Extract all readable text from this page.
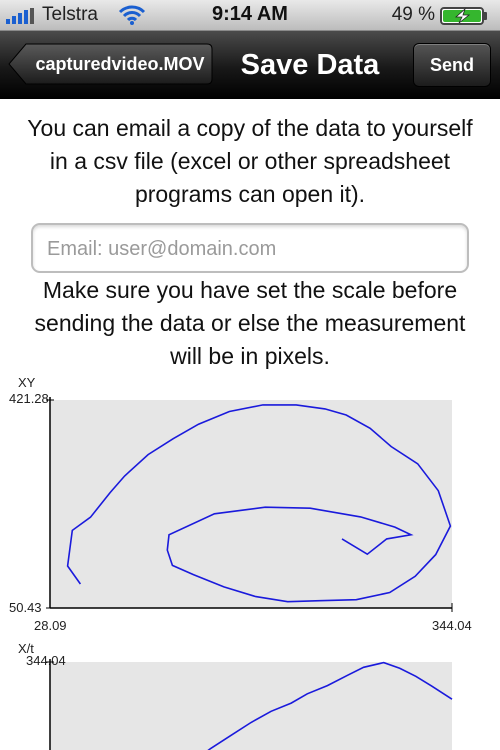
Telstra	9:14 AM	49 %
capturedvideo.MOV	Save Data	Send
You can email a copy of the data to yourself in a csv file (excel or other spreadsheet programs can open it).
Email: user@domain.com
Make sure you have set the scale before sending the data or else the measurement will be in pixels.
XY
421.28
50.43
28.09	344.04
X/t
344.04
